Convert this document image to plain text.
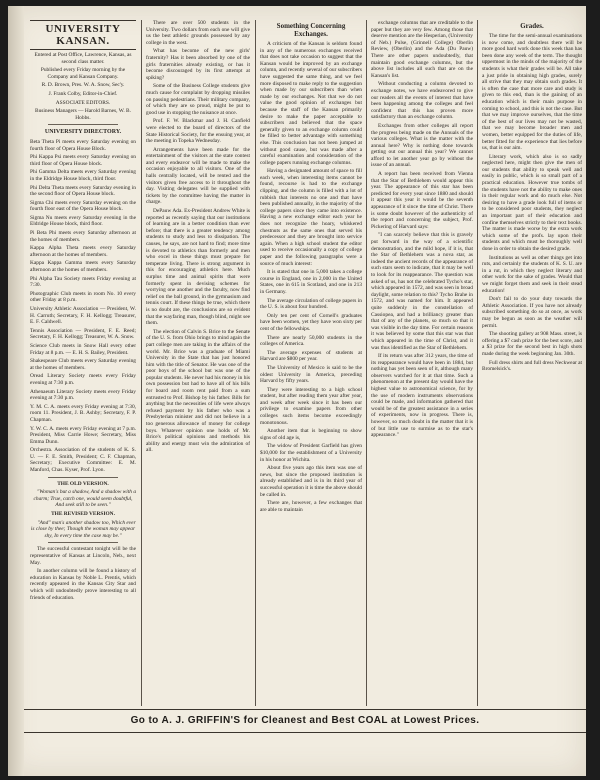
UNIVERSITY KANSAN.

Entered at Post Office, Lawrence, Kansas, as second class matter.

Published every Friday morning by the Company and Kansan Company.

R. D. Brown, Pres. W. A. Snow, Sec'y.

J. Frank Colby, Editor-in-Chief.

ASSOCIATE EDITORS.

Business Managers — Harold Barnes, W. B. Hobbs.

UNIVERSITY DIRECTORY.

Beta Theta Pi meets every Saturday evening on fourth floor of Opera House Block.

Phi Kappa Psi meets every Saturday evening on third floor of Opera House block.

Phi Gamma Delta meets every Saturday evening in the Eldridge House block, third floor.

Phi Delta Theta meets every Saturday evening in the second floor of Opera House block.

Sigma Chi meets every Saturday evening on the fourth floor east of the Opera House block.

Sigma Nu meets every Saturday evening in the Eldridge House block, third floor.

Pi Beta Phi meets every Saturday afternoon at the homes of members.

Kappa Alpha Theta meets every Saturday afternoon at the homes of members.

Kappa Kappa Gamma meets every Saturday afternoon at the homes of members.

Phi Alpha Tau Society meets Friday evening at 7:30.

Photographic Club meets in room No. 10 every other Friday at 8 p.m.

University Athletic Association — President, W. H. Carruth; Secretary, F. H. Kellogg; Treasurer, E. F. Caldwell.

Tennis Association — President, F. E. Reed; Secretary, F. H. Kellogg; Treasurer, W. A. Snow.

Science Club meets in Snow Hall every other Friday at 8 p.m. — E. H. S. Bailey, President.

Shakespeare Club meets every Saturday evening at the homes of members.

Oread Literary Society meets every Friday evening at 7:30 p.m.

Athenaeum Literary Society meets every Friday evening at 7:30 p.m.

Y. M. C. A. meets every Friday evening at 7:30, room 11. President, J. B. Ashby; Secretary, F. P. Chapman.

Y. W. C. A. meets every Friday evening at 7 p.m. President, Miss Carrie Howe; Secretary, Miss Emma Dunn.

Orchestra. Association of the students of K. S. U. — F. E. Smith, President; C. F. Chapman, Secretary; Executive Committee: E. M. Manford, Chas. Kyser, Prof. Lyon.

THE OLD VERSION.

"Woman's but a shadow, And a shadow with a charm; True, catch one, would seem doubtful, And seek still to be seen."

THE REVISED VERSION.

"And" man's another shadow too, Which ever is close by thee; Though the woman may appear shy, In every time the case may be."

The successful contestant tonight will be the representative of Kansas at Lincoln, Neb., next May.

In another column will be found a history of education in Kansas by Noble L. Prentis, which recently appeared in the Kansas City Star and which will undoubtedly prove interesting to all friends of education.

There are over 500 students in the University. Two dollars from each one will give us the best athletic grounds possessed by any college in the west.

What has become of the new girls' fraternity? Has it been absorbed by one of the girls fraternities already existing, or has it become discouraged by its first attempt at spiking?

Some of the Business College students give much cause for complaint by dropping missiles on passing pedestrians. Their military company, of which they are so proud, might be put to good use in stopping the nuisance at once.

Prof. F. W. Blackmar and J. H. Canfield were elected to the board of directors of the State Historical Society, for the ensuing year, at the meeting in Topeka Wednesday.

Arrangements have been made for the entertainment of the visitors at the state contest and every endeavor will be made to make the occasion enjoyable to all visitors. One of the halls centrally located, will be rented and the visitors given free access to it throughout the day. Visiting delegates will be supplied with tickets by the committee having the matter in charge.

DePauw Ada. Ex-President Andrew White is reported as recently saying that our institutions of learning are in a better condition than ever before; that there is a greater tendency among students to study and less to dissipation. The causes, he says, are not hard to find; more time is devoted to athletics than formerly and men who excel in these things must prepare for temperate living. There is strong argument in this for encouraging athletics here. Much surplus time and animal spirits that were formerly spent in devising schemes for worrying one another and the faculty, now find relief on the ball ground, in the gymnasium and tennis court. If these things be true, which there is no doubt are, the conclusions are so evident that the wayfaring man, though blind, might see them.

The election of Calvin S. Brice to the Senate of the U. S. from Ohio brings to mind again the part college men are taking in the affairs of the world. Mr. Brice was a graduate of Miami University in the State that has just honored him with the title of Senator. He was one of the poor boys of the school but was one of the popular students. He never had his money in his own possession but had to have all of his bills for board and room rent paid from a sum entrusted to Prof. Bishop by his father. Bills for anything but the necessities of life were always refused payment by his father who was a Presbyterian minister and did not believe in a too generous allowance of money for college boys. Whatever opinion one holds of Mr. Brice's political opinions and methods his ability and energy must win the admiration of all.

Something Concerning Exchanges.

A criticism of the Kansan is seldom found in any of the numerous exchanges received that does not take occasion to suggest that the Kansan would be improved by an exchange column, and recently several of our subscribers have suggested the same thing, and we feel more disposed to make reply to the suggestion when made by our subscribers than when made by our exchanges. Not that we do not value the good opinion of exchanges but because the staff of the Kansan primarily desire to make the paper acceptable to subscribers and believed that the space generally given to an exchange column could be filled to better advantage with something else. This conclusion has not been jumped at without good cause, but was made after a careful examination and consideration of the college papers running exchange columns.

Having a designated amount of space to fill each week, when interesting items cannot be found, recourse is had to the exchange clipping, and the column is filled with a lot of rubbish that interests no one and that have been published annually, in the majority of the college papers since they came into existence. Having a new exchange editor each year he does not recognize the hoary, whiskered chestnuts as the same ones that served his predecessor and they are brought into service again. When a high school student the editor used to receive occasionally a copy of college paper and the following paragraphs were a source of much interest:

It is stated that one in 5,000 takes a college course in England, one in 2,000 in the United States, one in 615 in Scotland, and one in 213 in Germany.

The average circulation of college papers in the U. S. is about four hundred.

Only ten per cent of Cornell's graduates have been women, yet they have won sixty per cent of the fellowships.

There are nearly 50,000 students in the colleges of America.

The average expenses of students at Harvard are $800 per year.

The University of Mexico is said to be the oldest University in America, preceding Harvard by fifty years.

They were interesting to a high school student, but after reading them year after year, and week after week since it has been our privilege to examine papers from other colleges such items become exceedingly monotonous.

Another item that is beginning to show signs of old age is,

The widow of President Garfield has given $10,000 for the establishment of a University in his honor at Wichita.

About five years ago this item was one of news, but since the proposed institution is already established and is in its third year of successful operation it is time the above should be called in.

There are, however, a few exchanges that are able to maintain

exchange columns that are creditable to the paper but they are very few. Among those that deserve mention are the Hesperian, (University of Neb.) Pulse, (Grinnell College) Oberlin Review, (Oberlin) and the Ada (Du Pauw) There are other papers undoubtedly, that maintain good exchange columns, but the above list includes all such that are on the Kansan's list.

Without conducting a column devoted to exchange notes, we have endeavored to give our readers all the events of interest that have been happening among the colleges and feel confident that this has proven more satisfactory than an exchange column.

Exchanges from other colleges all report the progress being made on the Annuals of the various colleges. What is the matter with the annual here? Why is nothing done towards getting out our annual this year? We cannot afford to let another year go by without the issue of an annual.

A report has been received from Vienna that the Star of Bethlehem would appear this year. The appearance of this star has been predicted for every year since 1880 and should it appear this year it would be the seventh appearance of it since the time of Christ. There is some doubt however of the authenticity of the report and concerning the subject, Prof. Pickering of Harvard says:

"I can scarcely believe that this is gravely put forward in the way of a scientific demonstration, and the mild hope, if it is, that the Star of Bethlehem was a nova star, as indeed the ancient records of the appearance of such stars seem to indicate, that it may be well to look for its reappearance. The question was asked of us, has not the celebrated Tycho's star, which appeared in 1572, and was seen in broad daylight, some relation to this? Tycho Brahe in 1572, and was named for him. It appeared quite suddenly in the constellation of Cassiopea, and had a brilliancy greater than that of any of the planets, so much so that it was visible in the day time. For certain reasons it was believed by some that this star was that which appeared in the time of Christ, and it was thus identified as the Star of Bethlehem.

If its return was after 312 years, the time of its reappearance would have been in 1884, but nothing has yet been seen of it, although many observers watched for it at that time. Such a phenomenon at the present day would have the highest value to astronomical science, for by the use of modern instruments observations could be made, and information gathered that would be of the greatest assistance in a series of experiments, now in progress. There is, however, so much doubt in the matter that it is of but little use to surmise as to the star's appearance."

Grades.

The time for the semi-annual examinations is now come, and doubtless there will be more good hard work done this week than has been done any week of the term. The thought uppermost in the minds of the majority of the students is what their grades will be. All take a just pride in obtaining high grades, surely all strive that they may obtain such grades. It is often the case that more care and study is given to this end, than is the gaining of an education which is their main purpose in coming to school, and this is not the case. But that we may improve ourselves, that the time of the best of our lives may not be wasted, that we may become broader men and women, better equipped for the duties of life, better fitted for the experience that lies before us, that is our aim.

Literary work, which also is so sadly neglected here, might then give the men of our students that ability to speak well and easily in public, which is so small part of a practical education. However true tombs of the students have not the ability to make ones in their regular work and do much else. Not desiring to have a grade look full of items or to be considered poor students, they neglect an important part of their education and confine themselves strictly to their text books. The matter is made worse by the extra work which some of the profs. lay upon their students and which must be thoroughly well done in order to obtain the desired grade.

Institutions as well as other things get into ruts, and certainly the students of K. S. U. are in a rut, in which they neglect literary and other work for the sake of grades. Would that we might forget them and seek in their stead education!

Don't fail to do your duty towards the Athletic Association. If you have not already subscribed something do so at once, as work may be begun as soon as the weather will permit.

The shooting gallery at 908 Mass. street, is offering a $7 cash prize for the best score, and a $3 prize for the second best in high shots made during the week beginning Jan. 30th.

Full dress shirts and full dress Neckwear at Bromelsick's.

Go to A. J. GRIFFIN'S for Cleanest and Best COAL at Lowest Prices.
